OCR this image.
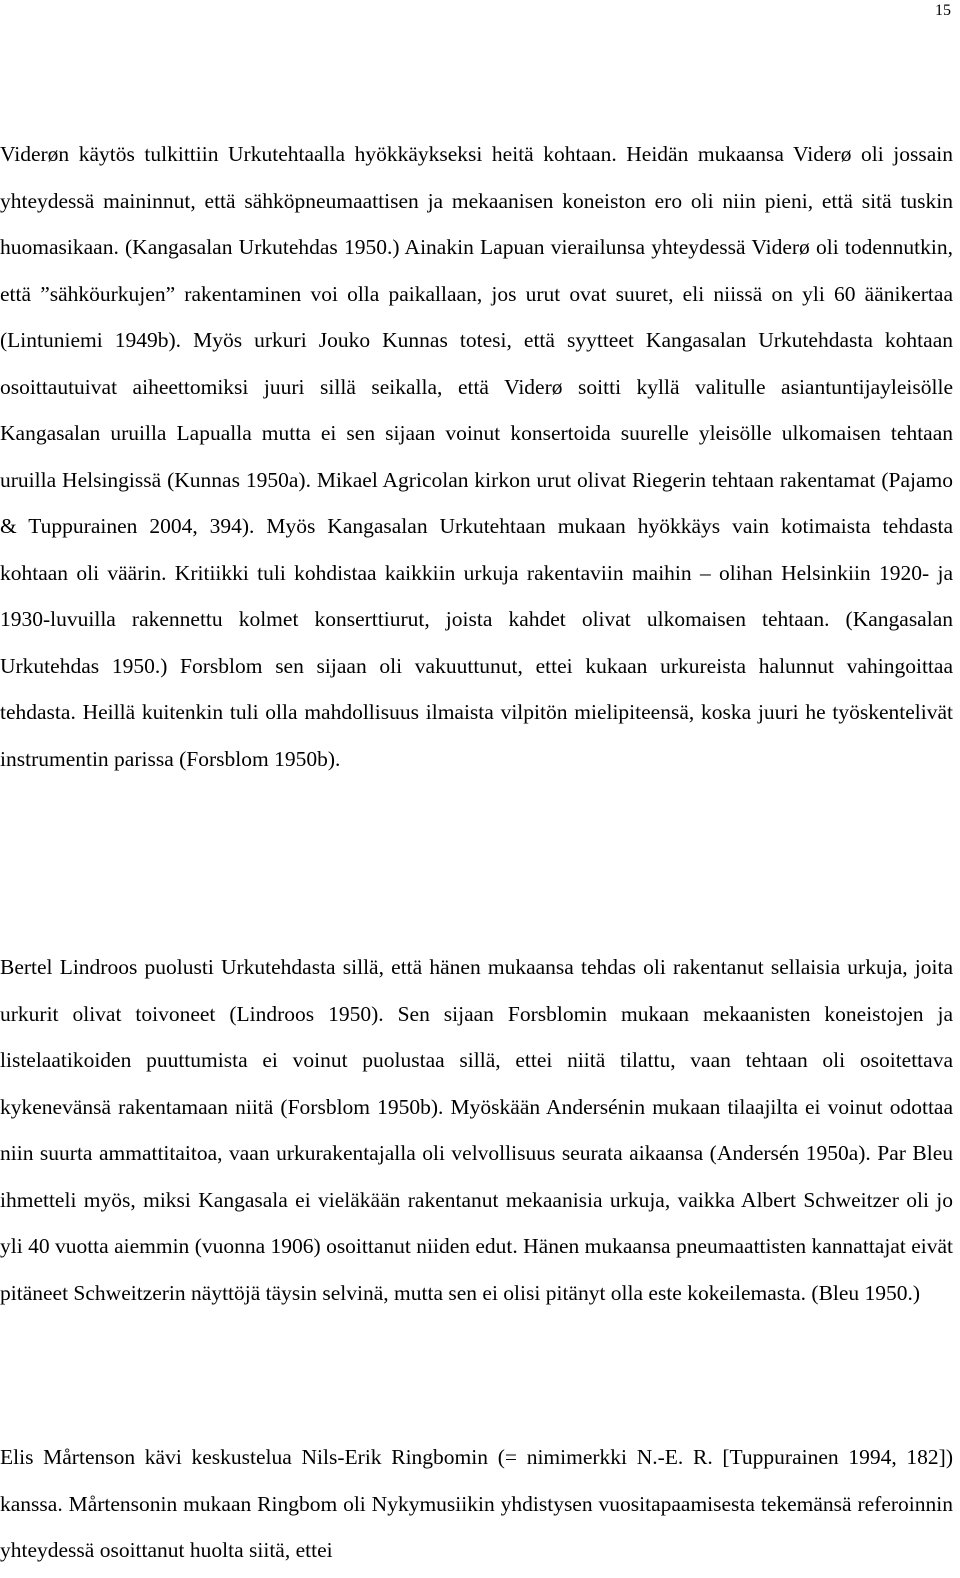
15

Viderøn käytös tulkittiin Urkutehtaalla hyökkäykseksi heitä kohtaan. Heidän mukaansa Viderø oli jossain yhteydessä maininnut, että sähköpneumaattisen ja mekaanisen koneiston ero oli niin pieni, että sitä tuskin huomasikaan. (Kangasalan Urkutehdas 1950.) Ainakin Lapuan vierailunsa yhteydessä Viderø oli todennutkin, että ”sähköurkujen” rakentaminen voi olla paikallaan, jos urut ovat suuret, eli niissä on yli 60 äänikertaa (Lintuniemi 1949b). Myös urkuri Jouko Kunnas totesi, että syytteet Kangasalan Urkutehdasta kohtaan osoittautuivat aiheettomiksi juuri sillä seikalla, että Viderø soitti kyllä valitulle asiantuntijayleisölle Kangasalan uruilla Lapualla mutta ei sen sijaan voinut konsertoida suurelle yleisölle ulkomaisen tehtaan uruilla Helsingissä (Kunnas 1950a). Mikael Agricolan kirkon urut olivat Riegerin tehtaan rakentamat (Pajamo & Tuppurainen 2004, 394). Myös Kangasalan Urkutehtaan mukaan hyökkäys vain kotimaista tehdasta kohtaan oli väärin. Kritiikki tuli kohdistaa kaikkiin urkuja rakentaviin maihin – olihan Helsinkiin 1920- ja 1930-luvuilla rakennettu kolmet konserttiurut, joista kahdet olivat ulkomaisen tehtaan. (Kangasalan Urkutehdas 1950.) Forsblom sen sijaan oli vakuuttunut, ettei kukaan urkureista halunnut vahingoittaa tehdasta. Heillä kuitenkin tuli olla mahdollisuus ilmaista vilpitön mielipiteensä, koska juuri he työskentelivät instrumentin parissa (Forsblom 1950b).

Bertel Lindroos puolusti Urkutehdasta sillä, että hänen mukaansa tehdas oli rakentanut sellaisia urkuja, joita urkurit olivat toivoneet (Lindroos 1950). Sen sijaan Forsblomin mukaan mekaanisten koneistojen ja listelaatikoiden puuttumista ei voinut puolustaa sillä, ettei niitä tilattu, vaan tehtaan oli osoitettava kykenevänsä rakentamaan niitä (Forsblom 1950b). Myöskään Andersénin mukaan tilaajilta ei voinut odottaa niin suurta ammattitaitoa, vaan urkurakentajalla oli velvollisuus seurata aikaansa (Andersén 1950a). Par Bleu ihmetteli myös, miksi Kangasala ei vieläkään rakentanut mekaanisia urkuja, vaikka Albert Schweitzer oli jo yli 40 vuotta aiemmin (vuonna 1906) osoittanut niiden edut. Hänen mukaansa pneumaattisten kannattajat eivät pitäneet Schweitzerin näyttöjä täysin selvinä, mutta sen ei olisi pitänyt olla este kokeilemasta. (Bleu 1950.)

Elis Mårtenson kävi keskustelua Nils-Erik Ringbomin (= nimimerkki N.-E. R. [Tuppurainen 1994, 182]) kanssa. Mårtensonin mukaan Ringbom oli Nykymusiikin yhdistysen vuositapaamisesta tekemänsä referoinnin yhteydessä osoittanut huolta siitä, ettei
